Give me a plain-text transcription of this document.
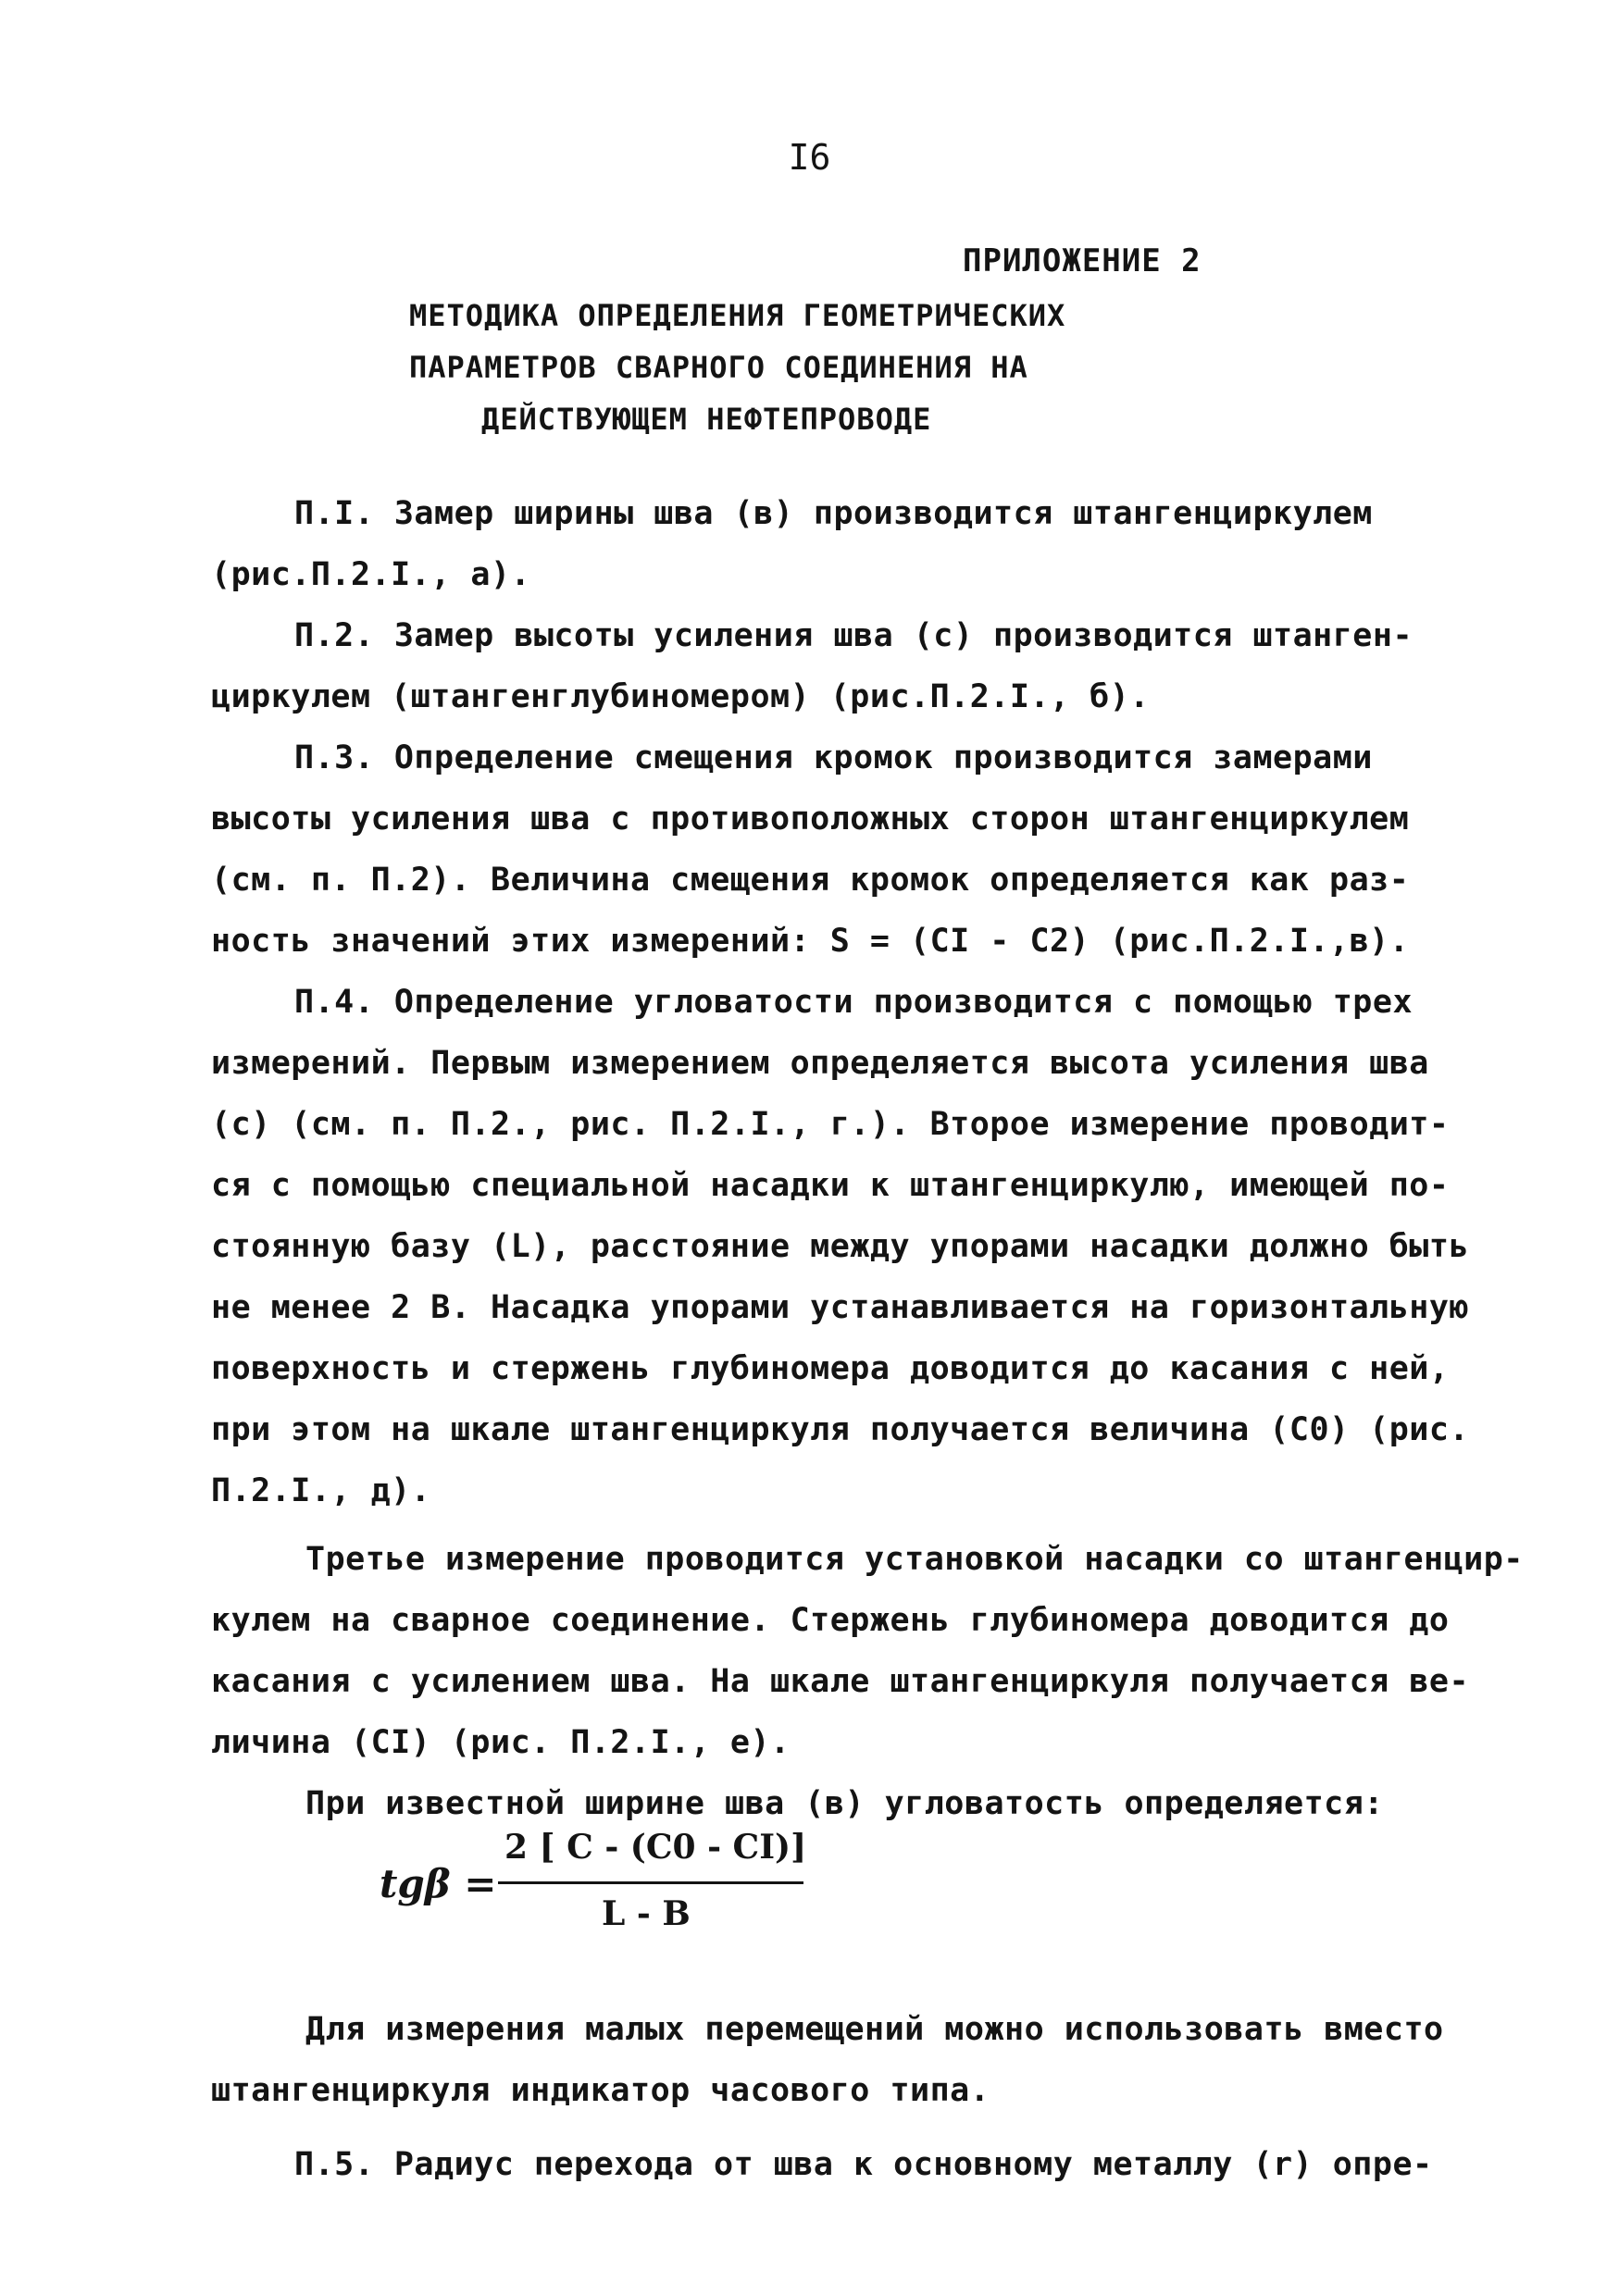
I6
ПРИЛОЖЕНИЕ 2
МЕТОДИКА ОПРЕДЕЛЕНИЯ ГЕОМЕТРИЧЕСКИХ
ПАРАМЕТРОВ СВАРНОГО СОЕДИНЕНИЯ НА
ДЕЙСТВУЮЩЕМ НЕФТЕПРОВОДЕ
П.I. Замер ширины шва (в) производится штангенциркулем
(рис.П.2.I., а).
П.2. Замер высоты усиления шва (с) производится штанген-
циркулем (штангенглубиномером) (рис.П.2.I., б).
П.3. Определение смещения кромок производится замерами
высоты усиления шва с противоположных сторон штангенциркулем
(см. п. П.2). Величина смещения кромок определяется как раз-
ность значений этих измерений: S = (CI - C2) (рис.П.2.I.,в).
П.4. Определение угловатости производится с помощью трех
измерений. Первым измерением определяется высота усиления шва
(с) (см. п. П.2., рис. П.2.I., г.). Второе измерение проводит-
ся с помощью специальной насадки к штангенциркулю, имеющей по-
стоянную базу (L), расстояние между упорами насадки должно быть
не менее 2 В. Насадка упорами устанавливается на горизонтальную
поверхность и стержень глубиномера доводится до касания с ней,
при этом на шкале штангенциркуля получается величина (C0) (рис.
П.2.I., д).
Третье измерение проводится установкой насадки со штангенцир-
кулем на сварное соединение. Стержень глубиномера доводится до
касания с усилением шва. На шкале штангенциркуля получается ве-
личина (CI) (рис. П.2.I., е).
При известной ширине шва (в) угловатость определяется:
tgβ =
2 [ C - (C0 - CI)]
L - B
Для измерения малых перемещений можно использовать вместо
штангенциркуля индикатор часового типа.
П.5. Радиус перехода от шва к основному металлу (r) опре-
